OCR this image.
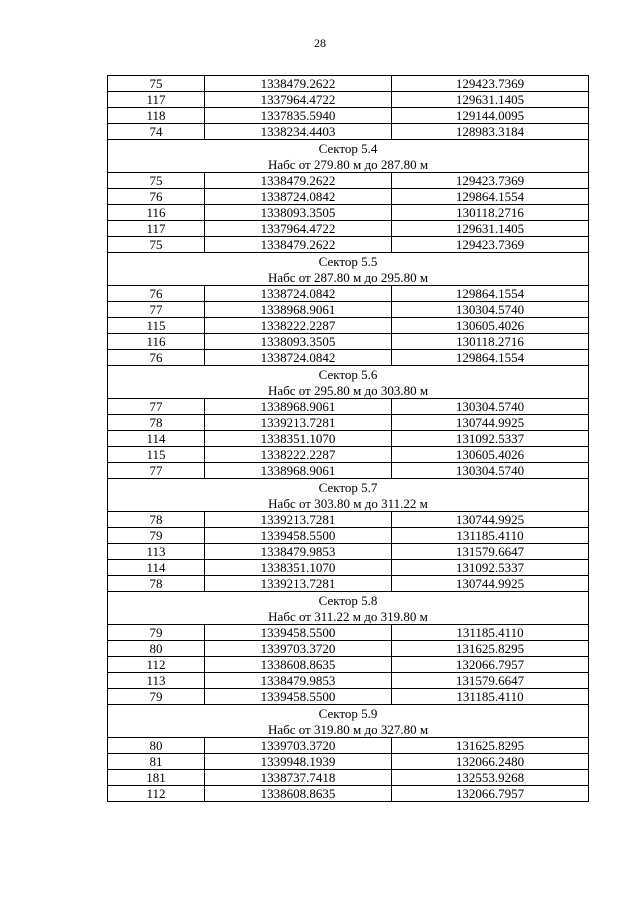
28
75	1338479.2622	129423.7369
117	1337964.4722	129631.1405
118	1337835.5940	129144.0095
74	1338234.4403	128983.3184
Сектор 5.4		
Набс от 279.80 м до 287.80 м		
75	1338479.2622	129423.7369
76	1338724.0842	129864.1554
116	1338093.3505	130118.2716
117	1337964.4722	129631.1405
75	1338479.2622	129423.7369
Сектор 5.5		
Набс от 287.80 м до 295.80 м		
76	1338724.0842	129864.1554
77	1338968.9061	130304.5740
115	1338222.2287	130605.4026
116	1338093.3505	130118.2716
76	1338724.0842	129864.1554
Сектор 5.6		
Набс от 295.80 м до 303.80 м		
77	1338968.9061	130304.5740
78	1339213.7281	130744.9925
114	1338351.1070	131092.5337
115	1338222.2287	130605.4026
77	1338968.9061	130304.5740
Сектор 5.7		
Набс от 303.80 м до 311.22 м		
78	1339213.7281	130744.9925
79	1339458.5500	131185.4110
113	1338479.9853	131579.6647
114	1338351.1070	131092.5337
78	1339213.7281	130744.9925
Сектор 5.8		
Набс от 311.22 м до 319.80 м		
79	1339458.5500	131185.4110
80	1339703.3720	131625.8295
112	1338608.8635	132066.7957
113	1338479.9853	131579.6647
79	1339458.5500	131185.4110
Сектор 5.9		
Набс от 319.80 м до 327.80 м		
80	1339703.3720	131625.8295
81	1339948.1939	132066.2480
181	1338737.7418	132553.9268
112	1338608.8635	132066.7957
